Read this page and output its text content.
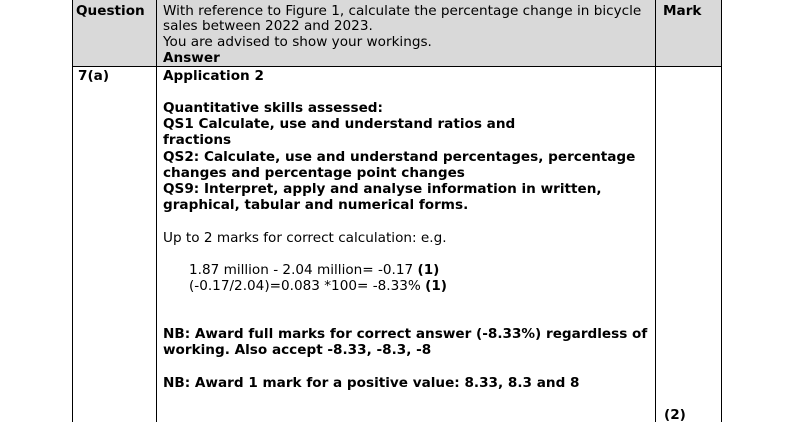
Question	Mark
With reference to Figure 1, calculate the percentage change in bicycle
sales between 2022 and 2023.
You are advised to show your workings.
Answer
7(a)	Application 2
Quantitative skills assessed:
QS1 Calculate, use and understand ratios and
fractions
QS2: Calculate, use and understand percentages, percentage
changes and percentage point changes
QS9: Interpret, apply and analyse information in written,
graphical, tabular and numerical forms.
Up to 2 marks for correct calculation: e.g.
1.87 million - 2.04 million= -0.17 (1)
(-0.17/2.04)=0.083 *100= -8.33% (1)
NB: Award full marks for correct answer (-8.33%) regardless of
working. Also accept -8.33, -8.3, -8
NB: Award 1 mark for a positive value: 8.33, 8.3 and 8
(2)
